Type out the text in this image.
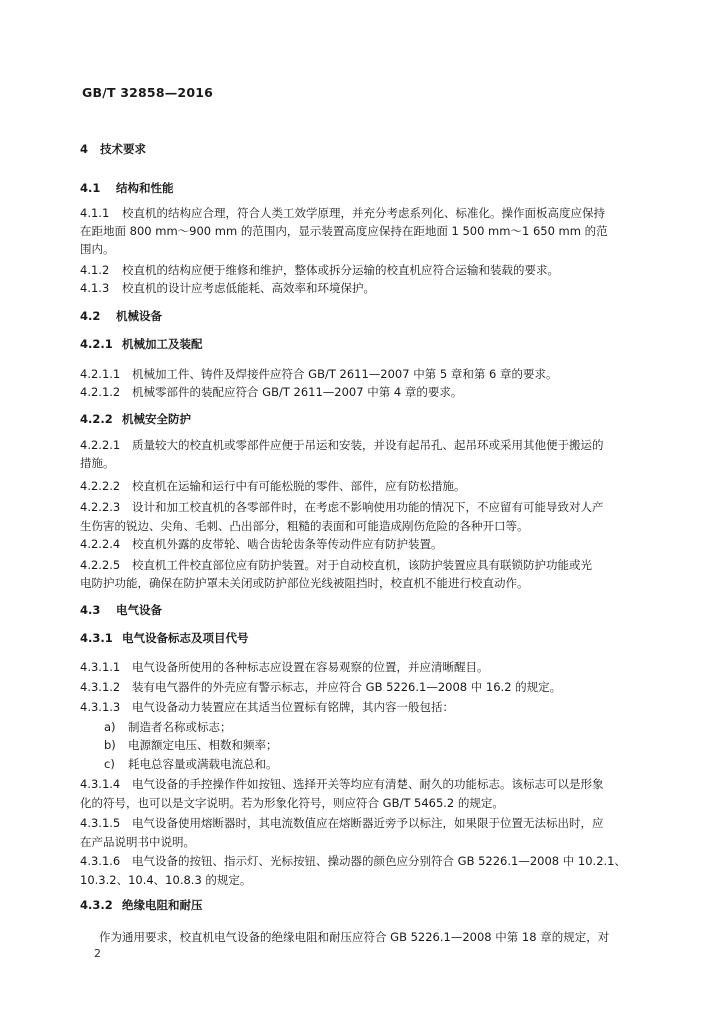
GB/T 32858—2016
4 技术要求
4.1 结构和性能
4.1.1 校直机的结构应合理，符合人类工效学原理，并充分考虑系列化、标准化。操作面板高度应保持
在距地面 800 mm～900 mm 的范围内，显示装置高度应保持在距地面 1 500 mm～1 650 mm 的范
围内。
4.1.2 校直机的结构应便于维修和维护，整体或拆分运输的校直机应符合运输和装载的要求。
4.1.3 校直机的设计应考虑低能耗、高效率和环境保护。
4.2 机械设备
4.2.1 机械加工及装配
4.2.1.1 机械加工件、铸件及焊接件应符合 GB/T 2611—2007 中第 5 章和第 6 章的要求。
4.2.1.2 机械零部件的装配应符合 GB/T 2611—2007 中第 4 章的要求。
4.2.2 机械安全防护
4.2.2.1 质量较大的校直机或零部件应便于吊运和安装，并设有起吊孔、起吊环或采用其他便于搬运的
措施。
4.2.2.2 校直机在运输和运行中有可能松脱的零件、部件，应有防松措施。
4.2.2.3 设计和加工校直机的各零部件时，在考虑不影响使用功能的情况下，不应留有可能导致对人产
生伤害的锐边、尖角、毛刺、凸出部分，粗糙的表面和可能造成剐伤危险的各种开口等。
4.2.2.4 校直机外露的皮带轮、啮合齿轮齿条等传动件应有防护装置。
4.2.2.5 校直机工件校直部位应有防护装置。对于自动校直机，该防护装置应具有联锁防护功能或光
电防护功能，确保在防护罩未关闭或防护部位光线被阻挡时，校直机不能进行校直动作。
4.3 电气设备
4.3.1 电气设备标志及项目代号
4.3.1.1 电气设备所使用的各种标志应设置在容易观察的位置，并应清晰醒目。
4.3.1.2 装有电气器件的外壳应有警示标志，并应符合 GB 5226.1—2008 中 16.2 的规定。
4.3.1.3 电气设备动力装置应在其适当位置标有铭牌，其内容一般包括：
a) 制造者名称或标志；
b) 电源额定电压、相数和频率；
c) 耗电总容量或满载电流总和。
4.3.1.4 电气设备的手控操作件如按钮、选择开关等均应有清楚、耐久的功能标志。该标志可以是形象
化的符号，也可以是文字说明。若为形象化符号，则应符合 GB/T 5465.2 的规定。
4.3.1.5 电气设备使用熔断器时，其电流数值应在熔断器近旁予以标注，如果限于位置无法标出时，应
在产品说明书中说明。
4.3.1.6 电气设备的按钮、指示灯、光标按钮、操动器的颜色应分别符合 GB 5226.1—2008 中 10.2.1、
10.3.2、10.4、10.8.3 的规定。
4.3.2 绝缘电阻和耐压
作为通用要求，校直机电气设备的绝缘电阻和耐压应符合 GB 5226.1—2008 中第 18 章的规定，对
2
